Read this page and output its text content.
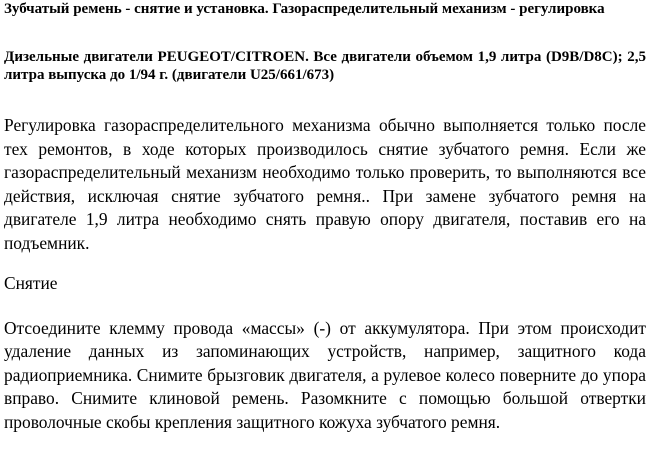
Зубчатый ремень - снятие и установка. Газораспределительный механизм - регулировка

Дизельные двигатели PEUGEOT/CITROEN. Все двигатели объемом 1,9 литра (D9B/D8C); 2,5 литра выпуска до 1/94 г. (двигатели U25/661/673)

Регулировка газораспределительного механизма обычно выполняется только после тех ремонтов, в ходе которых производилось снятие зубчатого ремня. Если же газораспределительный механизм необходимо только проверить, то выполняются все действия, исключая снятие зубчатого ремня.. При замене зубчатого ремня на двигателе 1,9 литра необходимо снять правую опору двигателя, поставив его на подъемник.

Снятие

Отсоедините клемму провода «массы» (-) от аккумулятора. При этом происходит удаление данных из запоминающих устройств, например, защитного кода радиоприемника. Снимите брызговик двигателя, а рулевое колесо поверните до упора вправо. Снимите клиновой ремень. Разомкните с помощью большой отвертки проволочные скобы крепления защитного кожуха зубчатого ремня.
